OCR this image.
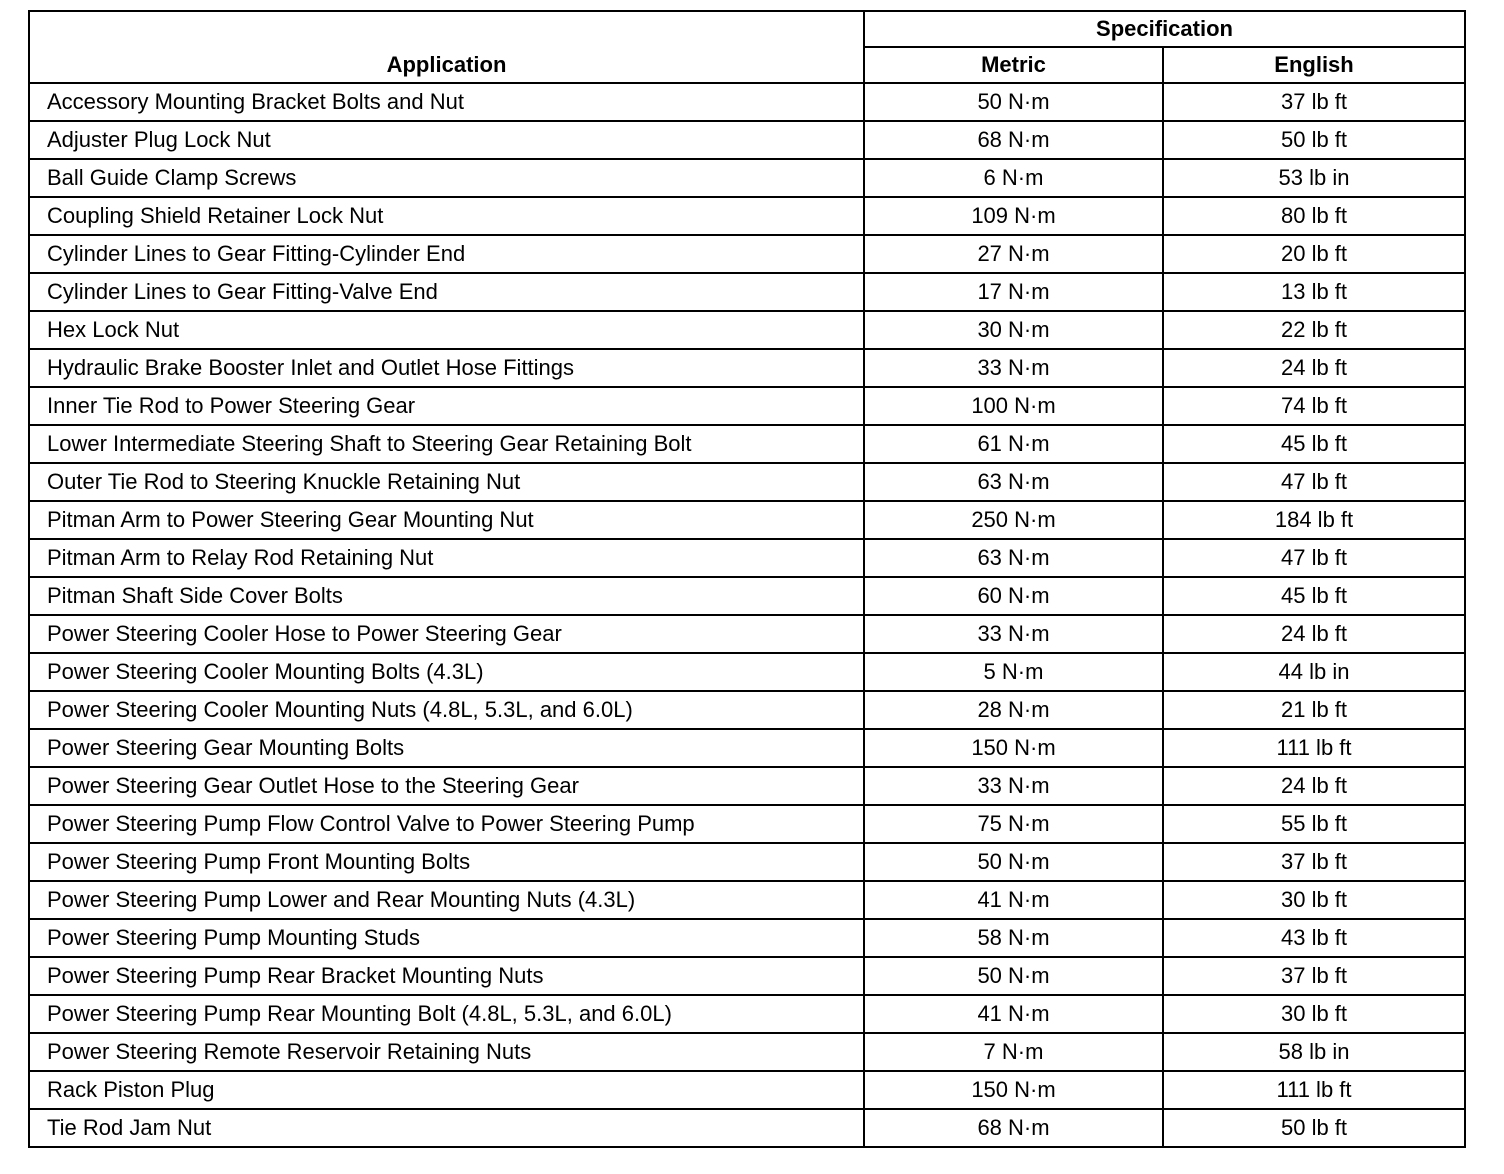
Application	Specification	
	Metric	English
Accessory Mounting Bracket Bolts and Nut	50 N·m	37 lb ft
Adjuster Plug Lock Nut	68 N·m	50 lb ft
Ball Guide Clamp Screws	6 N·m	53 lb in
Coupling Shield Retainer Lock Nut	109 N·m	80 lb ft
Cylinder Lines to Gear Fitting-Cylinder End	27 N·m	20 lb ft
Cylinder Lines to Gear Fitting-Valve End	17 N·m	13 lb ft
Hex Lock Nut	30 N·m	22 lb ft
Hydraulic Brake Booster Inlet and Outlet Hose Fittings	33 N·m	24 lb ft
Inner Tie Rod to Power Steering Gear	100 N·m	74 lb ft
Lower Intermediate Steering Shaft to Steering Gear Retaining Bolt	61 N·m	45 lb ft
Outer Tie Rod to Steering Knuckle Retaining Nut	63 N·m	47 lb ft
Pitman Arm to Power Steering Gear Mounting Nut	250 N·m	184 lb ft
Pitman Arm to Relay Rod Retaining Nut	63 N·m	47 lb ft
Pitman Shaft Side Cover Bolts	60 N·m	45 lb ft
Power Steering Cooler Hose to Power Steering Gear	33 N·m	24 lb ft
Power Steering Cooler Mounting Bolts (4.3L)	5 N·m	44 lb in
Power Steering Cooler Mounting Nuts (4.8L, 5.3L, and 6.0L)	28 N·m	21 lb ft
Power Steering Gear Mounting Bolts	150 N·m	111 lb ft
Power Steering Gear Outlet Hose to the Steering Gear	33 N·m	24 lb ft
Power Steering Pump Flow Control Valve to Power Steering Pump	75 N·m	55 lb ft
Power Steering Pump Front Mounting Bolts	50 N·m	37 lb ft
Power Steering Pump Lower and Rear Mounting Nuts (4.3L)	41 N·m	30 lb ft
Power Steering Pump Mounting Studs	58 N·m	43 lb ft
Power Steering Pump Rear Bracket Mounting Nuts	50 N·m	37 lb ft
Power Steering Pump Rear Mounting Bolt (4.8L, 5.3L, and 6.0L)	41 N·m	30 lb ft
Power Steering Remote Reservoir Retaining Nuts	7 N·m	58 lb in
Rack Piston Plug	150 N·m	111 lb ft
Tie Rod Jam Nut	68 N·m	50 lb ft
